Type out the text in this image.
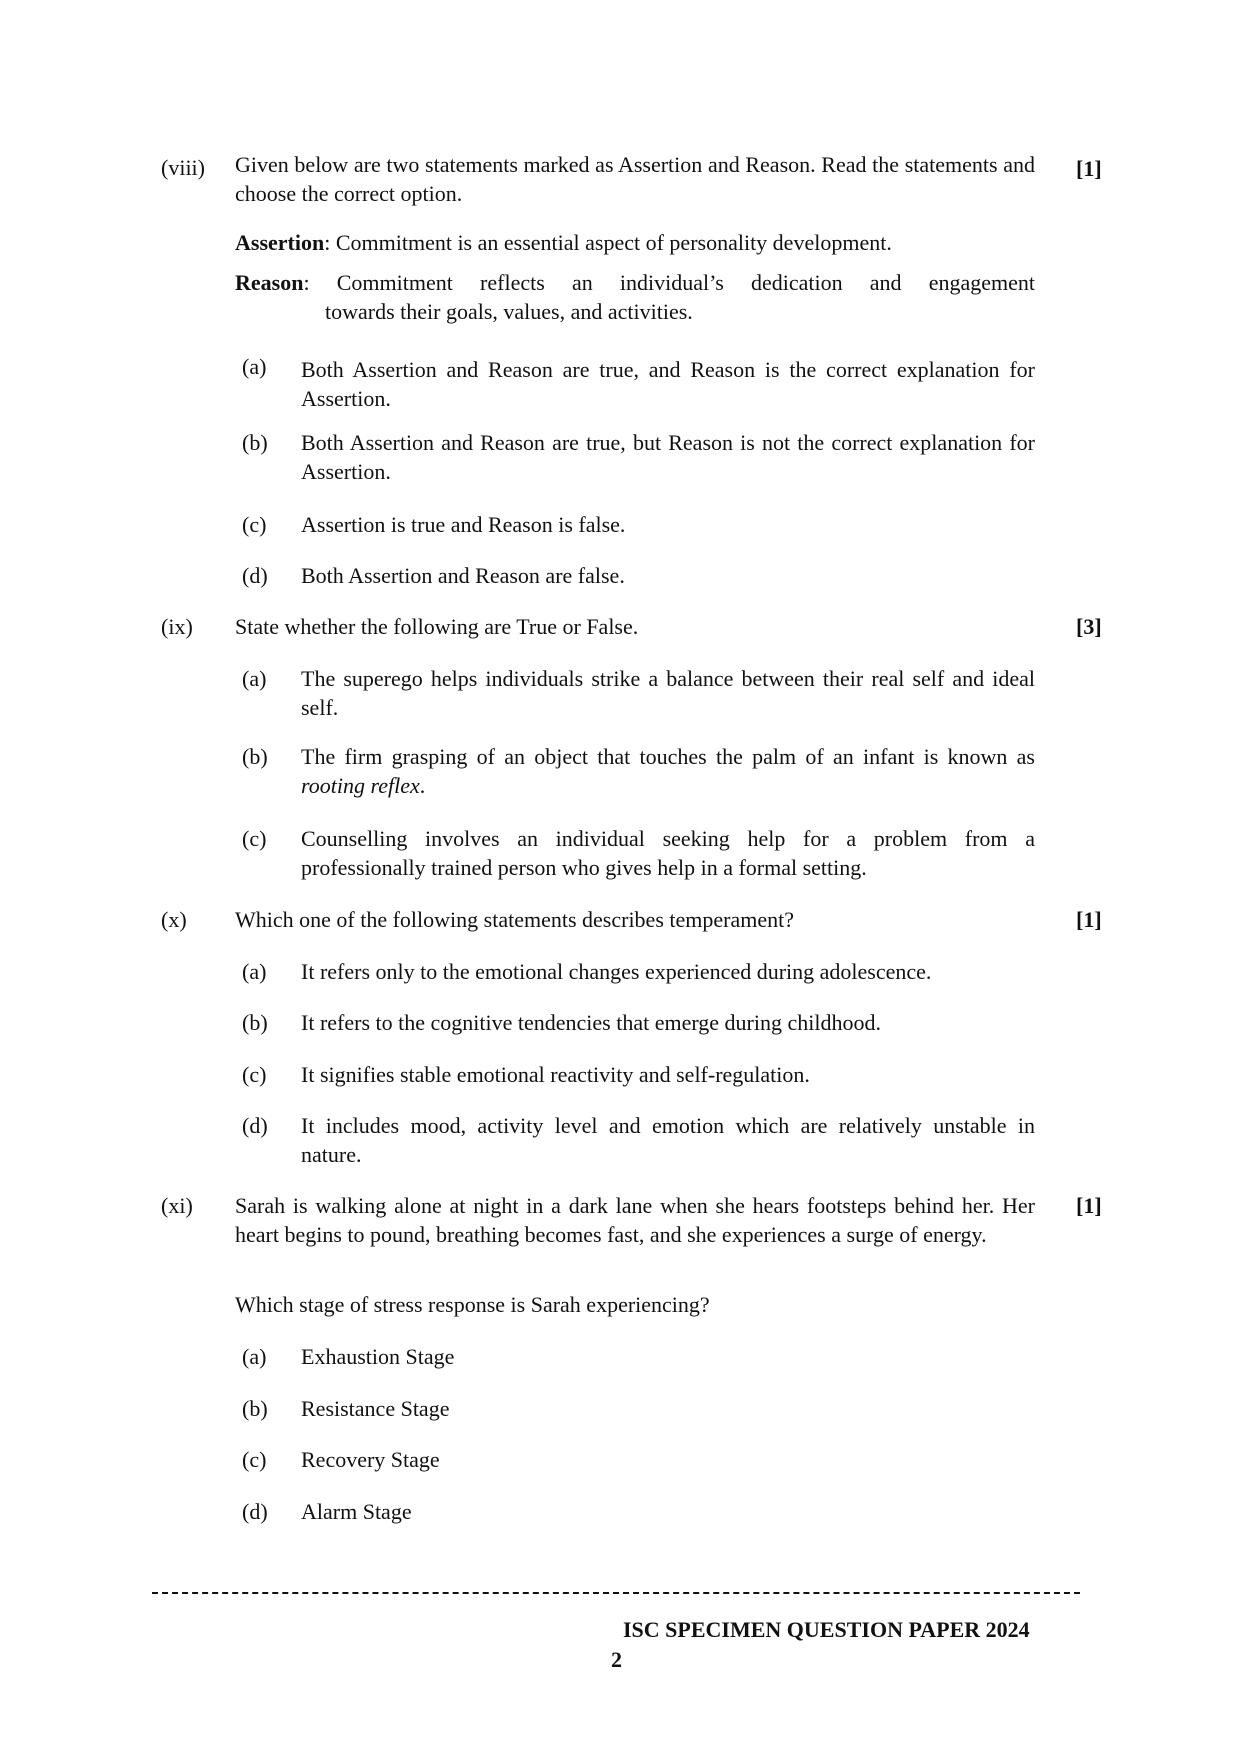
(viii) Given below are two statements marked as Assertion and Reason. Read the statements and choose the correct option.
[1]
Assertion: Commitment is an essential aspect of personality development.
Reason: Commitment reflects an individual’s dedication and engagement
towards their goals, values, and activities.
(a) Both Assertion and Reason are true, and Reason is the correct explanation for Assertion.
(b) Both Assertion and Reason are true, but Reason is not the correct explanation for Assertion.
(c) Assertion is true and Reason is false.
(d) Both Assertion and Reason are false.
(ix) State whether the following are True or False.	[3]
(a) The superego helps individuals strike a balance between their real self and ideal self.
(b) The firm grasping of an object that touches the palm of an infant is known as rooting reflex.
(c) Counselling involves an individual seeking help for a problem from a professionally trained person who gives help in a formal setting.
(x) Which one of the following statements describes temperament?	[1]
(a) It refers only to the emotional changes experienced during adolescence.
(b) It refers to the cognitive tendencies that emerge during childhood.
(c) It signifies stable emotional reactivity and self-regulation.
(d) It includes mood, activity level and emotion which are relatively unstable in nature.
(xi) Sarah is walking alone at night in a dark lane when she hears footsteps behind her. Her heart begins to pound, breathing becomes fast, and she experiences a surge of energy.
[1]
Which stage of stress response is Sarah experiencing?
(a) Exhaustion Stage
(b) Resistance Stage
(c) Recovery Stage
(d) Alarm Stage
ISC SPECIMEN QUESTION PAPER 2024
2
